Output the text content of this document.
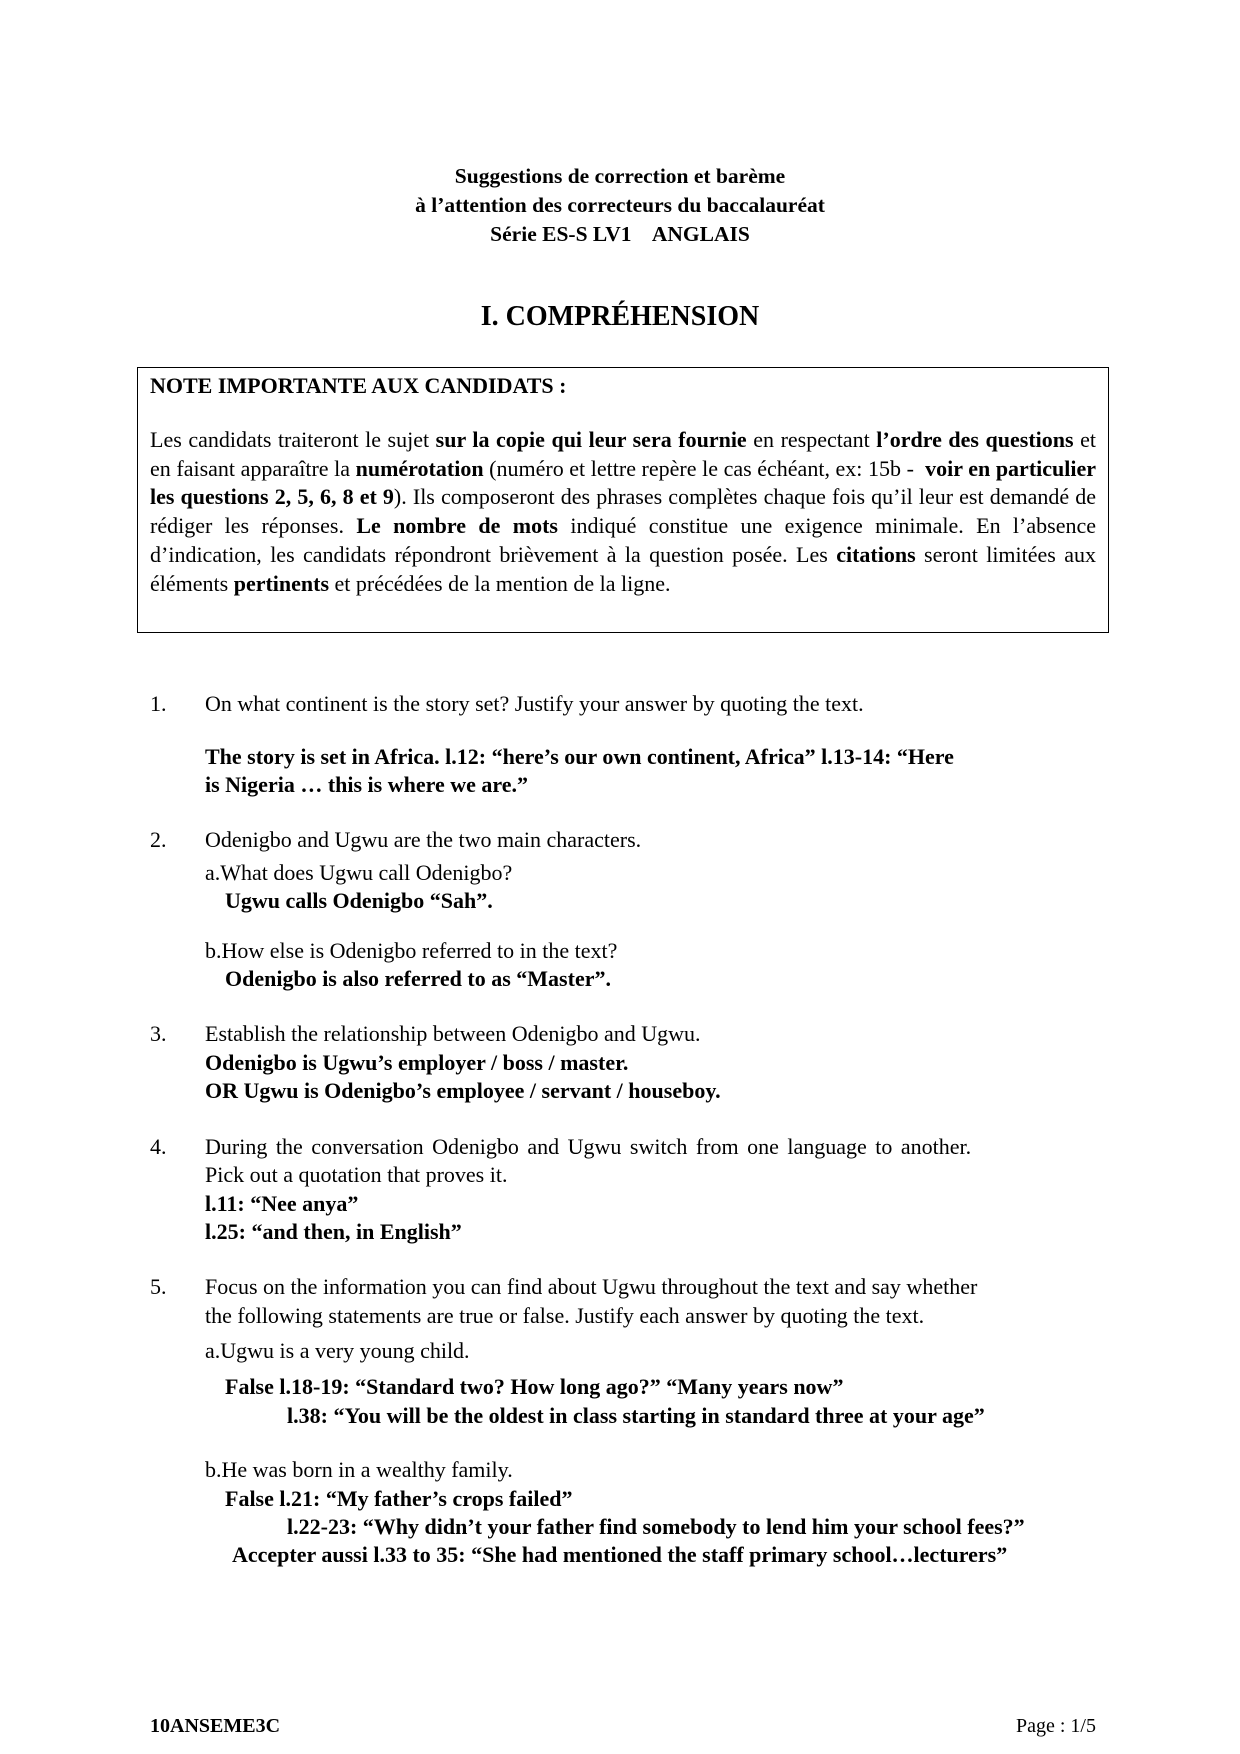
Suggestions de correction et barème
à l’attention des correcteurs du baccalauréat
Série ES-S LV1    ANGLAIS
I. COMPRÉHENSION
NOTE IMPORTANTE AUX CANDIDATS :
Les candidats traiteront le sujet sur la copie qui leur sera fournie en respectant l’ordre des questions et en faisant apparaître la numérotation (numéro et lettre repère le cas échéant, ex: 15b -  voir en particulier les questions 2, 5, 6, 8 et 9). Ils composeront des phrases complètes chaque fois qu’il leur est demandé de rédiger les réponses. Le nombre de mots indiqué constitue une exigence minimale. En l’absence d’indication, les candidats répondront brièvement à la question posée. Les citations seront limitées aux éléments pertinents et précédées de la mention de la ligne.
1. On what continent is the story set? Justify your answer by quoting the text.
The story is set in Africa. l.12: “here’s our own continent, Africa” l.13-14: “Here
is Nigeria … this is where we are.”
2. Odenigbo and Ugwu are the two main characters.
a.What does Ugwu call Odenigbo?
Ugwu calls Odenigbo “Sah”.
b.How else is Odenigbo referred to in the text?
Odenigbo is also referred to as “Master”.
3. Establish the relationship between Odenigbo and Ugwu.
Odenigbo is Ugwu’s employer / boss / master.
OR Ugwu is Odenigbo’s employee / servant / houseboy.
4. During the conversation Odenigbo and Ugwu switch from one language to another.
Pick out a quotation that proves it.
l.11: “Nee anya”
l.25: “and then, in English”
5. Focus on the information you can find about Ugwu throughout the text and say whether
the following statements are true or false. Justify each answer by quoting the text.
a.Ugwu is a very young child.
False l.18-19: “Standard two? How long ago?” “Many years now”
l.38: “You will be the oldest in class starting in standard three at your age”
b.He was born in a wealthy family.
False l.21: “My father’s crops failed”
l.22-23: “Why didn’t your father find somebody to lend him your school fees?”
Accepter aussi l.33 to 35: “She had mentioned the staff primary school…lecturers”
10ANSEME3C	Page : 1/5
